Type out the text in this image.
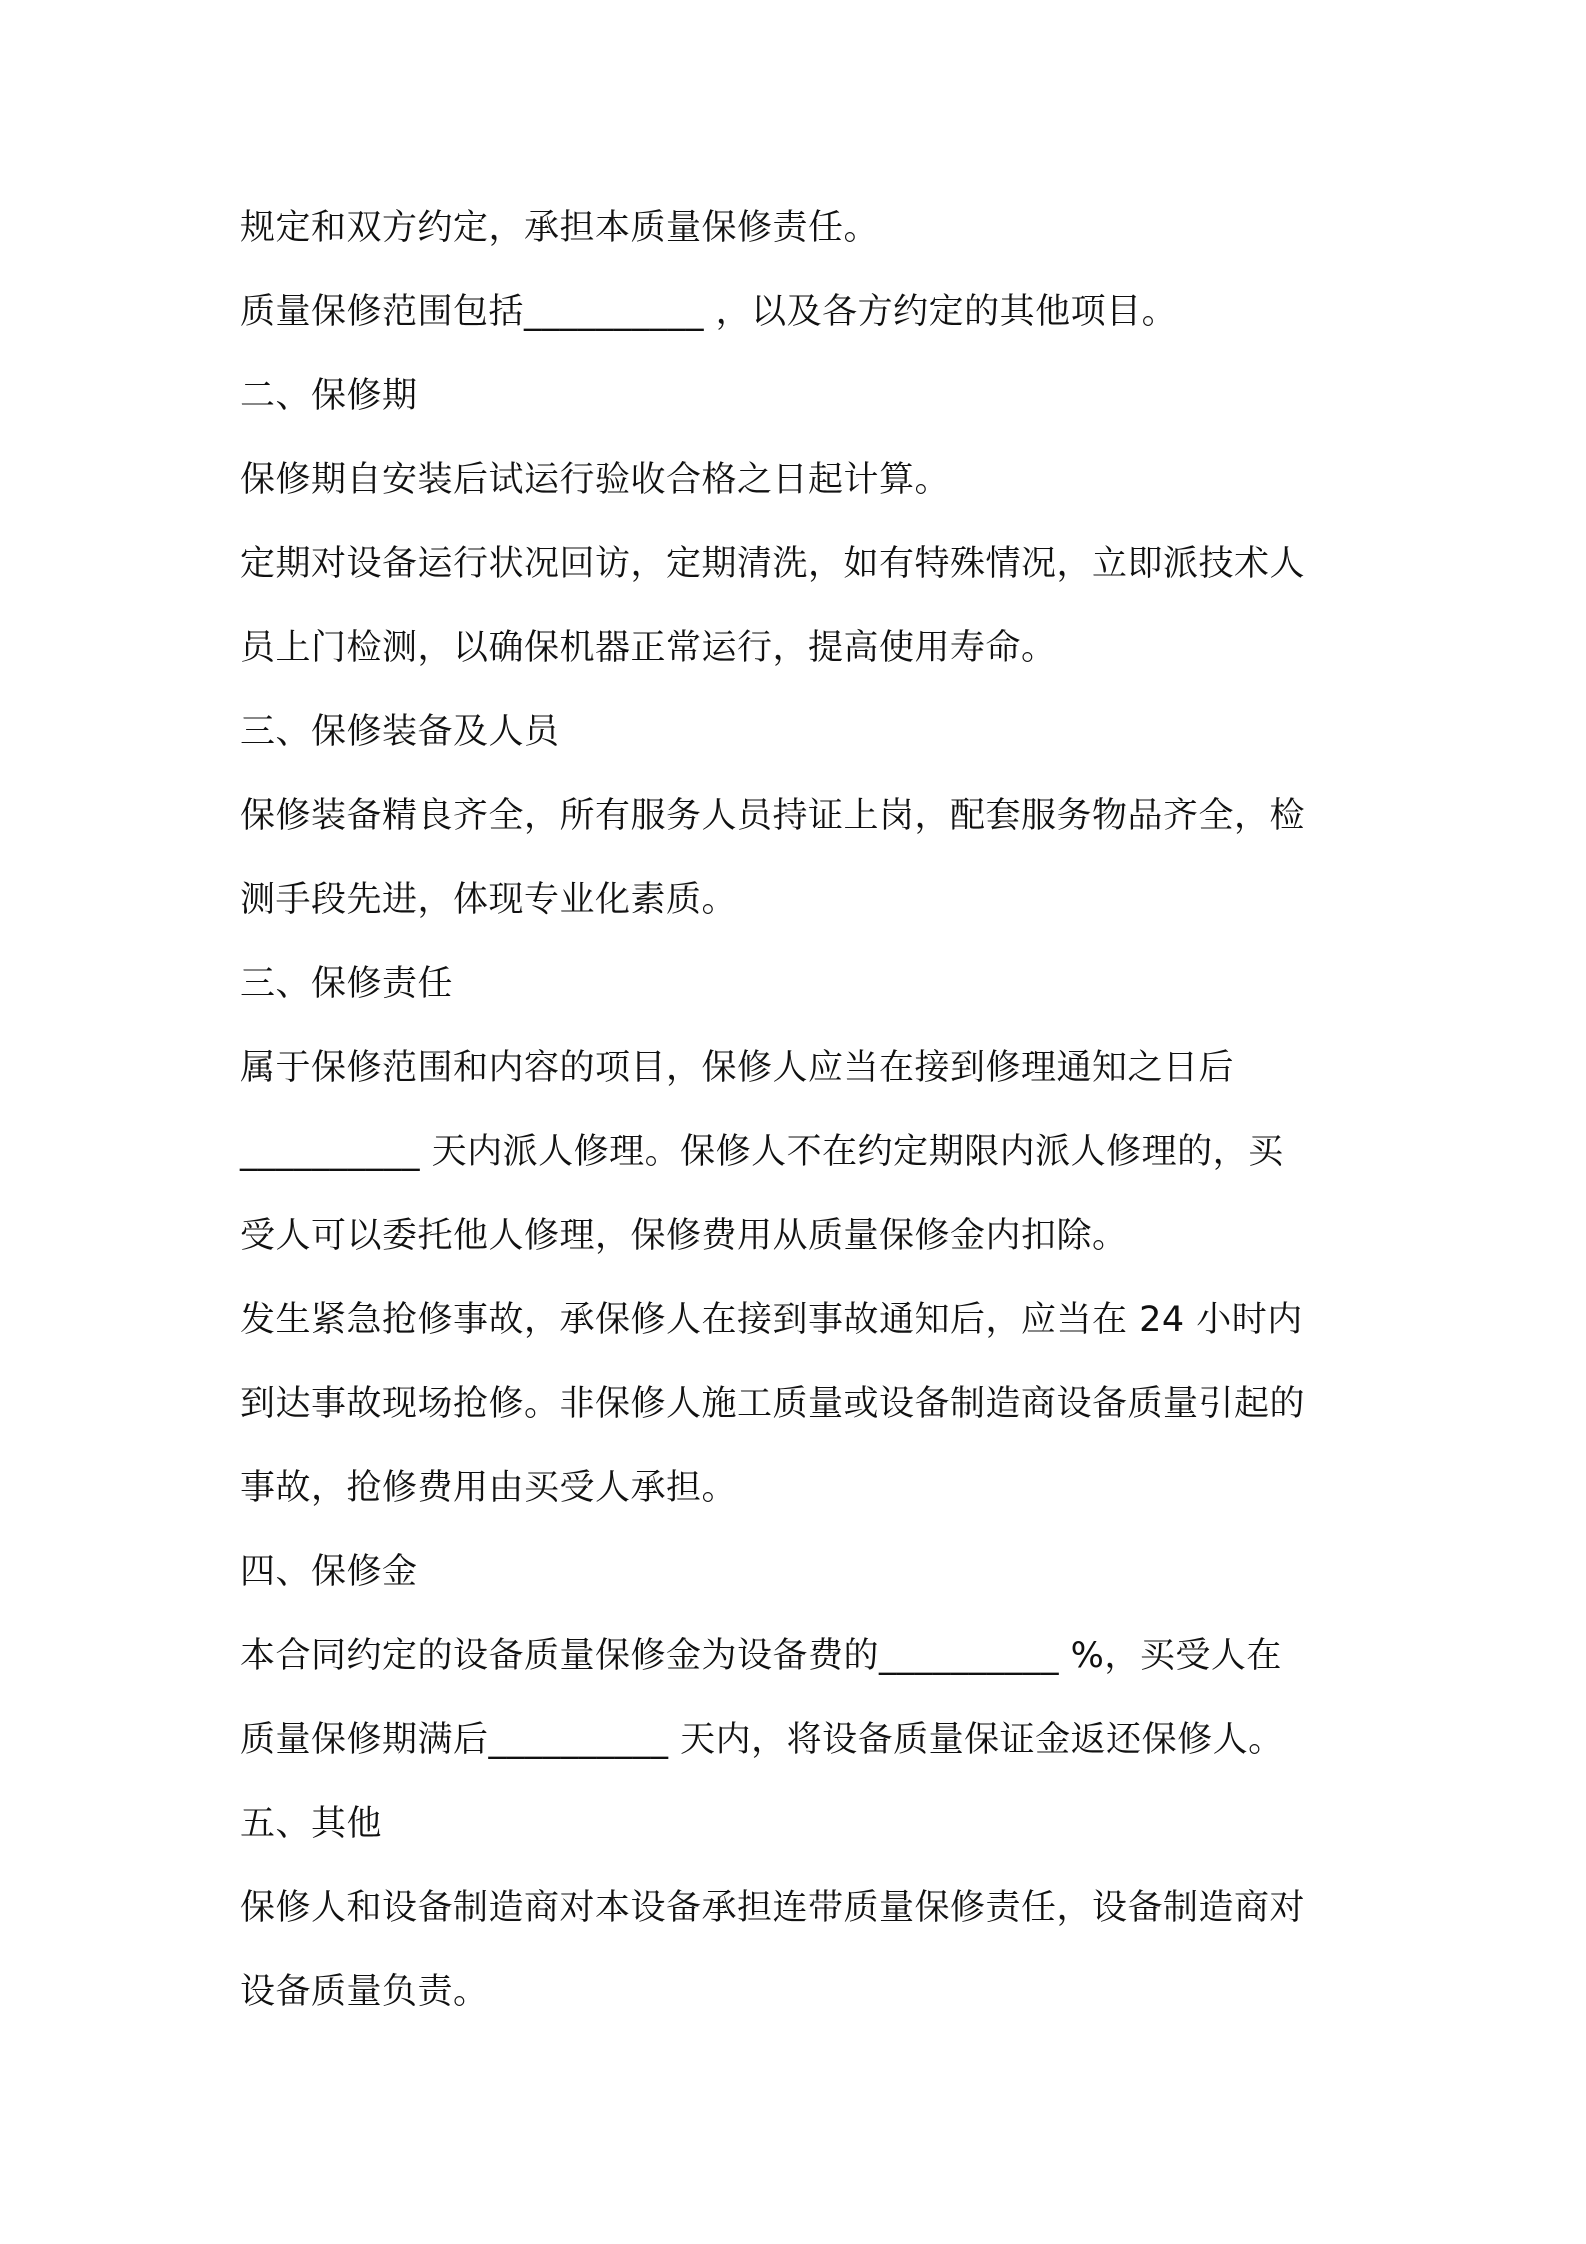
规定和双方约定，承担本质量保修责任。
质量保修范围包括__________ ，以及各方约定的其他项目。
二、保修期
保修期自安装后试运行验收合格之日起计算。
定期对设备运行状况回访，定期清洗，如有特殊情况，立即派技术人
员上门检测，以确保机器正常运行，提高使用寿命。
三、保修装备及人员
保修装备精良齐全，所有服务人员持证上岗，配套服务物品齐全，检
测手段先进，体现专业化素质。
三、保修责任
属于保修范围和内容的项目，保修人应当在接到修理通知之日后
__________ 天内派人修理。保修人不在约定期限内派人修理的，买
受人可以委托他人修理，保修费用从质量保修金内扣除。
发生紧急抢修事故，承保修人在接到事故通知后，应当在 24 小时内
到达事故现场抢修。非保修人施工质量或设备制造商设备质量引起的
事故，抢修费用由买受人承担。
四、保修金
本合同约定的设备质量保修金为设备费的__________ %，买受人在
质量保修期满后__________ 天内，将设备质量保证金返还保修人。
五、其他
保修人和设备制造商对本设备承担连带质量保修责任，设备制造商对
设备质量负责。
